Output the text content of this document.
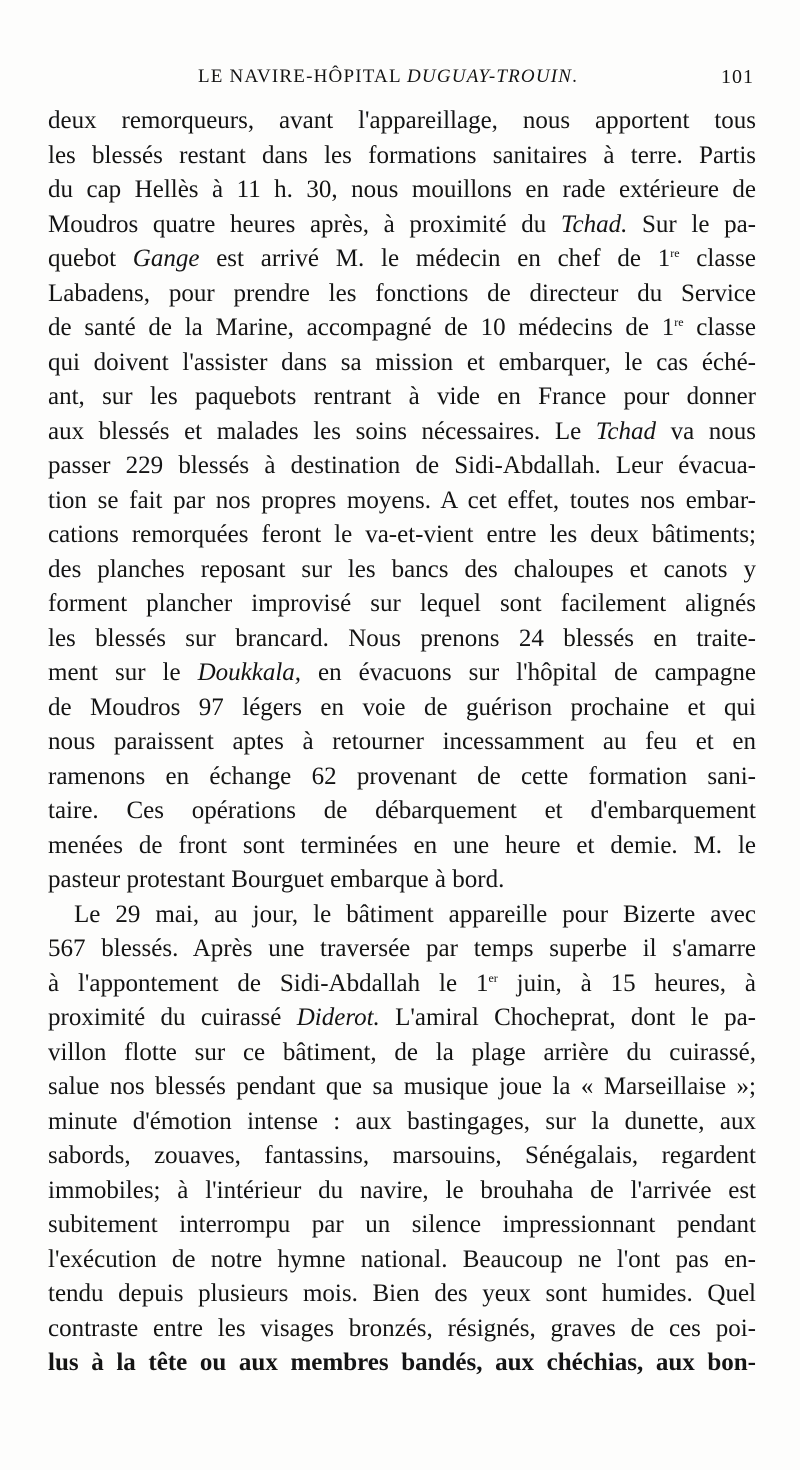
LE NAVIRE-HÔPITAL DUGUAY-TROUIN.	101
deux remorqueurs, avant l'appareillage, nous apportent tous
les blessés restant dans les formations sanitaires à terre. Partis
du cap Hellès à 11 h. 30, nous mouillons en rade extérieure de
Moudros quatre heures après, à proximité du Tchad. Sur le pa-
quebot Gange est arrivé M. le médecin en chef de 1re classe
Labadens, pour prendre les fonctions de directeur du Service
de santé de la Marine, accompagné de 10 médecins de 1re classe
qui doivent l'assister dans sa mission et embarquer, le cas éché-
ant, sur les paquebots rentrant à vide en France pour donner
aux blessés et malades les soins nécessaires. Le Tchad va nous
passer 229 blessés à destination de Sidi-Abdallah. Leur évacua-
tion se fait par nos propres moyens. A cet effet, toutes nos embar-
cations remorquées feront le va-et-vient entre les deux bâtiments;
des planches reposant sur les bancs des chaloupes et canots y
forment plancher improvisé sur lequel sont facilement alignés
les blessés sur brancard. Nous prenons 24 blessés en traite-
ment sur le Doukkala, en évacuons sur l'hôpital de campagne
de Moudros 97 légers en voie de guérison prochaine et qui
nous paraissent aptes à retourner incessamment au feu et en
ramenons en échange 62 provenant de cette formation sani-
taire. Ces opérations de débarquement et d'embarquement
menées de front sont terminées en une heure et demie. M. le
pasteur protestant Bourguet embarque à bord.
Le 29 mai, au jour, le bâtiment appareille pour Bizerte avec
567 blessés. Après une traversée par temps superbe il s'amarre
à l'appontement de Sidi-Abdallah le 1er juin, à 15 heures, à
proximité du cuirassé Diderot. L'amiral Chocheprat, dont le pa-
villon flotte sur ce bâtiment, de la plage arrière du cuirassé,
salue nos blessés pendant que sa musique joue la « Marseillaise »;
minute d'émotion intense : aux bastingages, sur la dunette, aux
sabords, zouaves, fantassins, marsouins, Sénégalais, regardent
immobiles; à l'intérieur du navire, le brouhaha de l'arrivée est
subitement interrompu par un silence impressionnant pendant
l'exécution de notre hymne national. Beaucoup ne l'ont pas en-
tendu depuis plusieurs mois. Bien des yeux sont humides. Quel
contraste entre les visages bronzés, résignés, graves de ces poi-
lus à la tête ou aux membres bandés, aux chéchias, aux bon-
